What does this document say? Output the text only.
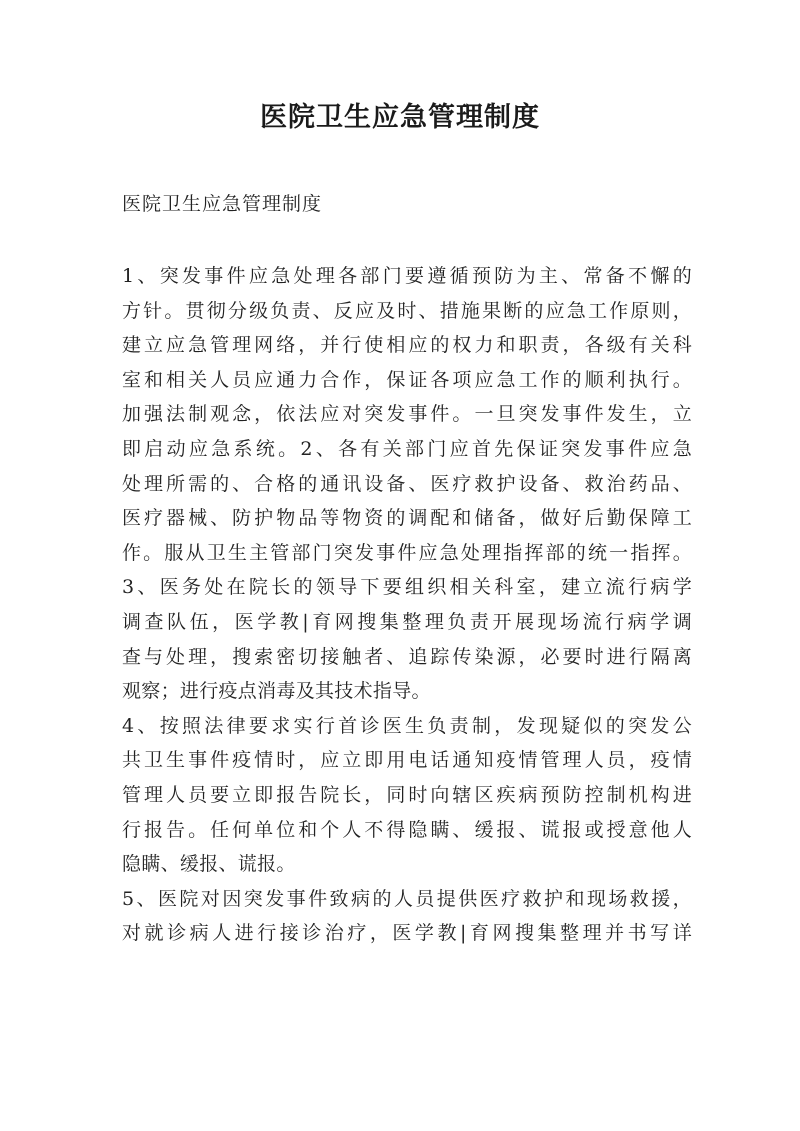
医院卫生应急管理制度

医院卫生应急管理制度

1、突发事件应急处理各部门要遵循预防为主、常备不懈的
方针。贯彻分级负责、反应及时、措施果断的应急工作原则，
建立应急管理网络，并行使相应的权力和职责，各级有关科
室和相关人员应通力合作，保证各项应急工作的顺利执行。
加强法制观念，依法应对突发事件。一旦突发事件发生，立
即启动应急系统。2、各有关部门应首先保证突发事件应急
处理所需的、合格的通讯设备、医疗救护设备、救治药品、
医疗器械、防护物品等物资的调配和储备，做好后勤保障工
作。服从卫生主管部门突发事件应急处理指挥部的统一指挥。
3、医务处在院长的领导下要组织相关科室，建立流行病学
调查队伍，医学教|育网搜集整理负责开展现场流行病学调
查与处理，搜索密切接触者、追踪传染源，必要时进行隔离
观察；进行疫点消毒及其技术指导。
4、按照法律要求实行首诊医生负责制，发现疑似的突发公
共卫生事件疫情时，应立即用电话通知疫情管理人员，疫情
管理人员要立即报告院长，同时向辖区疾病预防控制机构进
行报告。任何单位和个人不得隐瞒、缓报、谎报或授意他人
隐瞒、缓报、谎报。
5、医院对因突发事件致病的人员提供医疗救护和现场救援，
对就诊病人进行接诊治疗，医学教|育网搜集整理并书写详
